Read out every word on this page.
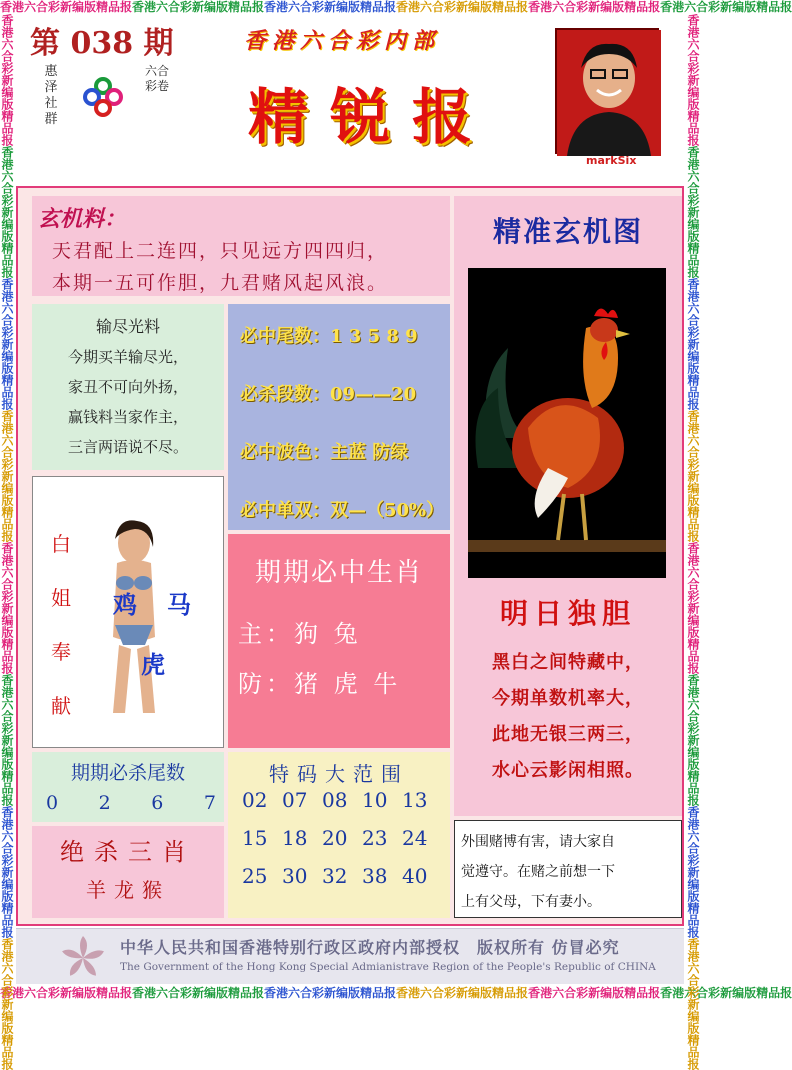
香港六合彩新编版精品报香港六合彩新编版精品报香港六合彩新编版精品报香港六合彩新编版精品报香港六合彩新编版精品报香港六合彩新编版精品报
香港六合彩新编版精品报香港六合彩新编版精品报香港六合彩新编版精品报香港六合彩新编版精品报香港六合彩新编版精品报香港六合彩新编版精品报
香港六合彩新编版精品报香港六合彩新编版精品报香港六合彩新编版精品报香港六合彩新编版精品报香港六合彩新编版精品报香港六合彩新编版精品报香港六合彩新编版精品报香港六合彩新编版精品报
香港六合彩新编版精品报香港六合彩新编版精品报香港六合彩新编版精品报香港六合彩新编版精品报香港六合彩新编版精品报香港六合彩新编版精品报香港六合彩新编版精品报香港六合彩新编版精品报
第 038 期
惠泽社群
六合彩卷
香港六合彩内部
精锐报
markSix
玄机料：
天君配上二连四，只见远方四四归，
本期一五可作胆，九君赌风起风浪。
输尽光料
今期买羊输尽光，
家丑不可向外扬，
赢钱料当家作主，
三言两语说不尽。
必中尾数：1 3 5 8 9
必杀段数：09——20
必中波色：主蓝 防绿
必中单双：双—（50%）
白
姐
奉
献
鸡 马
虎
期期必中生肖
主：狗 兔
防：猪 虎 牛
期期必杀尾数
0 2 6 7
绝杀三肖
羊龙猴
特码大范围
02 07 08 10 13
15 18 20 23 24
25 30 32 38 40
精准玄机图
明日独胆
黑白之间特藏中，
今期单数机率大，
此地无银三两三，
水心云影闲相照。
外围赌博有害，请大家自
觉遵守。在赌之前想一下
上有父母，下有妻小。
中华人民共和国香港特别行政区政府内部授权　版权所有 仿冒必究
The Government of the Hong Kong Special Admianistrave Region of the People's Republic of CHINA
